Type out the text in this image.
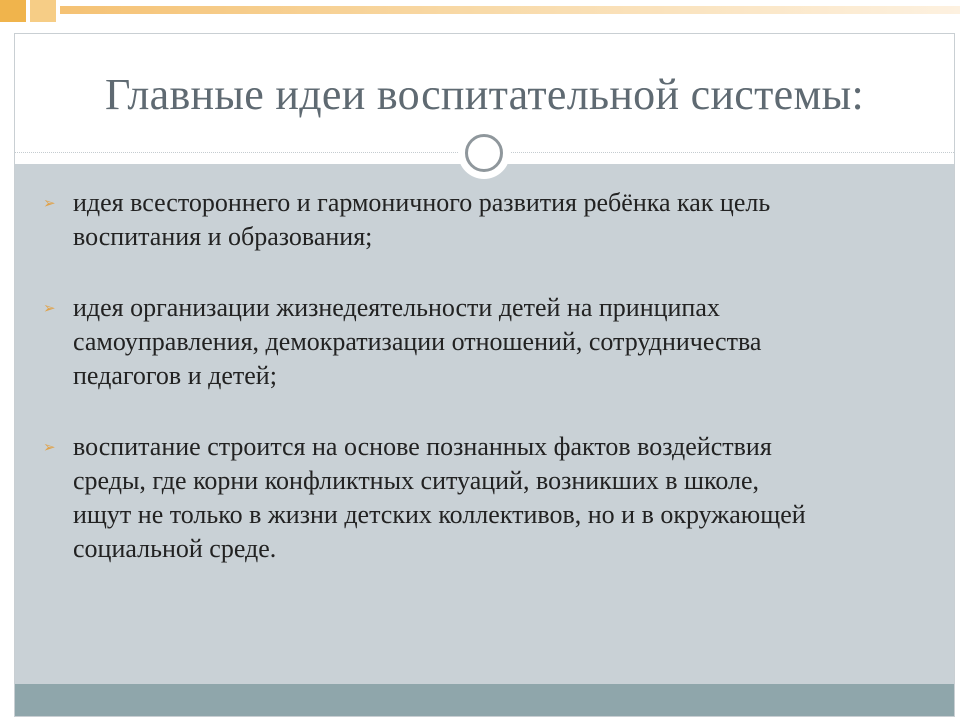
Главные идеи воспитательной системы:
➢ идея всестороннего и гармоничного развития ребёнка как цель
воспитания и образования;
➢ идея организации жизнедеятельности детей на принципах
самоуправления, демократизации отношений, сотрудничества
педагогов и детей;
➢ воспитание строится на основе познанных фактов воздействия
среды, где корни конфликтных ситуаций, возникших в школе,
ищут не только в жизни детских коллективов, но и в окружающей
социальной среде.
